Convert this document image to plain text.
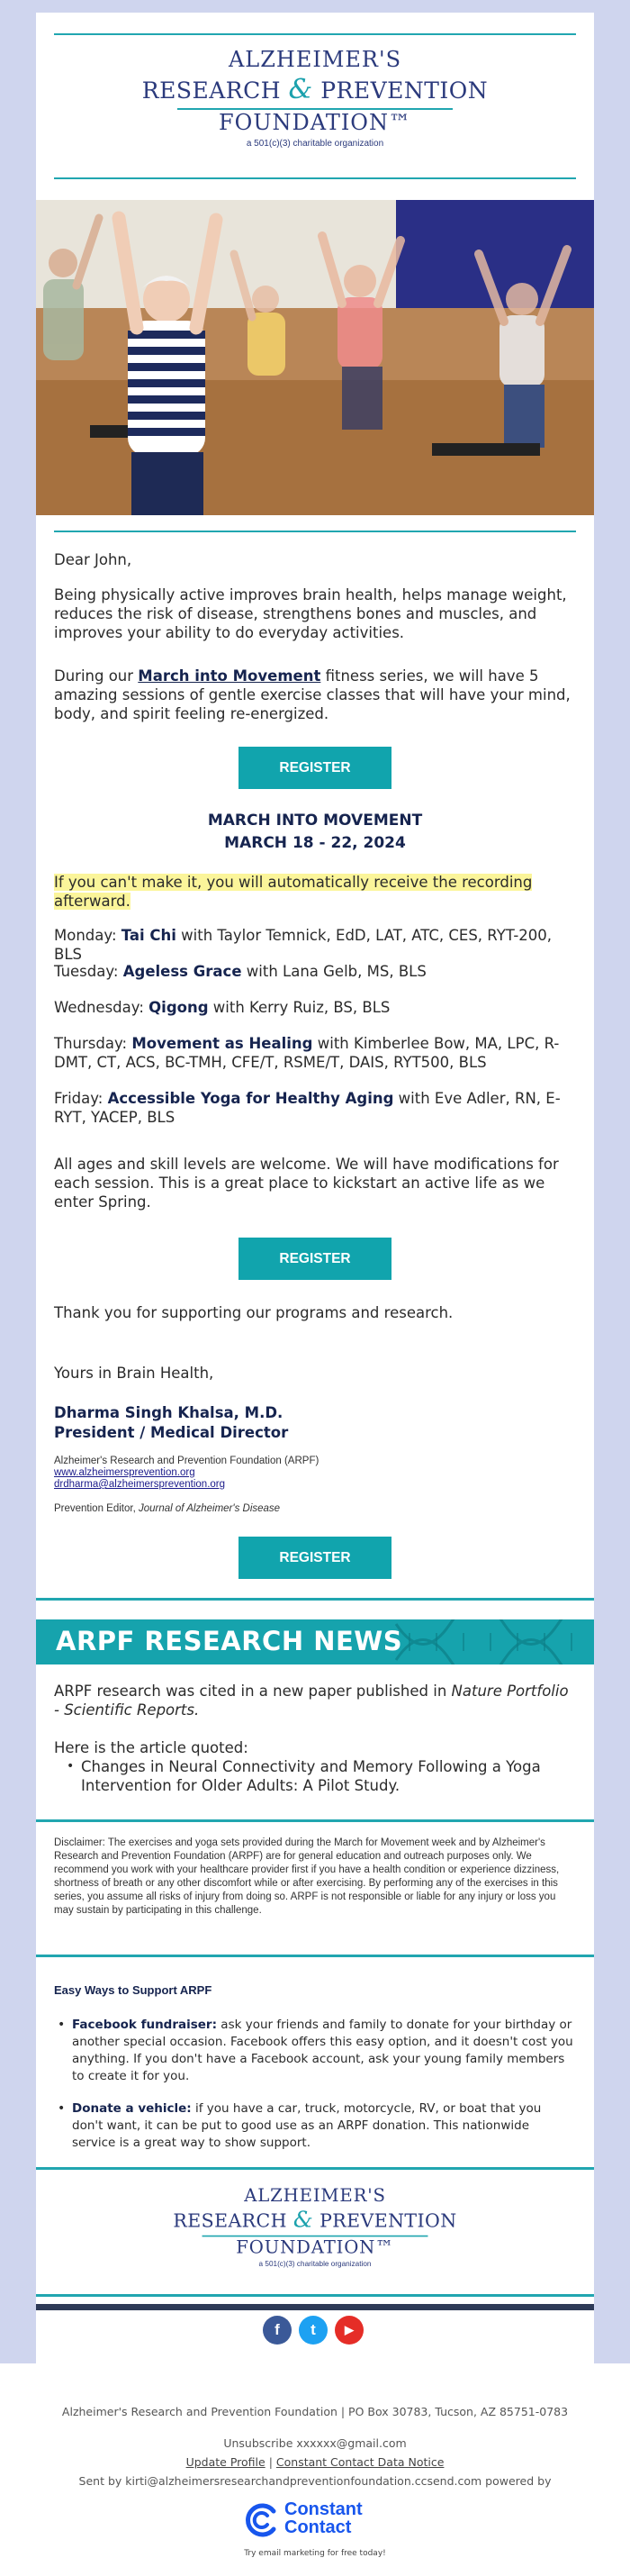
ALZHEIMER'S
RESEARCH & PREVENTION
FOUNDATION™
a 501(c)(3) charitable organization
Dear John,
Being physically active improves brain health, helps manage weight, reduces the risk of disease, strengthens bones and muscles, and improves your ability to do everyday activities.
During our March into Movement fitness series, we will have 5 amazing sessions of gentle exercise classes that will have your mind, body, and spirit feeling re-energized.
REGISTER
MARCH INTO MOVEMENT
MARCH 18 - 22, 2024
If you can't make it, you will automatically receive the recording afterward.
Monday: Tai Chi with Taylor Temnick, EdD, LAT, ATC, CES, RYT-200, BLS
Tuesday: Ageless Grace with Lana Gelb, MS, BLS
Wednesday: Qigong with Kerry Ruiz, BS, BLS
Thursday: Movement as Healing with Kimberlee Bow, MA, LPC, R-DMT, CT, ACS, BC-TMH, CFE/T, RSME/T, DAIS, RYT500, BLS
Friday: Accessible Yoga for Healthy Aging with Eve Adler, RN, E-RYT, YACEP, BLS
All ages and skill levels are welcome. We will have modifications for each session. This is a great place to kickstart an active life as we enter Spring.
REGISTER
Thank you for supporting our programs and research.
Yours in Brain Health,
Dharma Singh Khalsa, M.D.
President / Medical Director
Alzheimer's Research and Prevention Foundation (ARPF)
www.alzheimersprevention.org
drdharma@alzheimersprevention.org
Prevention Editor, Journal of Alzheimer's Disease
REGISTER
ARPF RESEARCH NEWS
ARPF research was cited in a new paper published in Nature Portfolio - Scientific Reports.
Here is the article quoted:
• Changes in Neural Connectivity and Memory Following a Yoga Intervention for Older Adults: A Pilot Study.
Disclaimer: The exercises and yoga sets provided during the March for Movement week and by Alzheimer's Research and Prevention Foundation (ARPF) are for general education and outreach purposes only. We recommend you work with your healthcare provider first if you have a health condition or experience dizziness, shortness of breath or any other discomfort while or after exercising. By performing any of the exercises in this series, you assume all risks of injury from doing so. ARPF is not responsible or liable for any injury or loss you may sustain by participating in this challenge.
Easy Ways to Support ARPF
• Facebook fundraiser: ask your friends and family to donate for your birthday or another special occasion. Facebook offers this easy option, and it doesn't cost you anything. If you don't have a Facebook account, ask your young family members to create it for you.
• Donate a vehicle: if you have a car, truck, motorcycle, RV, or boat that you don't want, it can be put to good use as an ARPF donation. This nationwide service is a great way to show support.
ALZHEIMER'S
RESEARCH & PREVENTION
FOUNDATION™
a 501(c)(3) charitable organization
f	t	▶
Alzheimer's Research and Prevention Foundation | PO Box 30783, Tucson, AZ 85751-0783
Unsubscribe xxxxxx@gmail.com
Update Profile | Constant Contact Data Notice
Sent by kirti@alzheimersresearchandpreventionfoundation.ccsend.com powered by
Constant
Contact
Try email marketing for free today!
